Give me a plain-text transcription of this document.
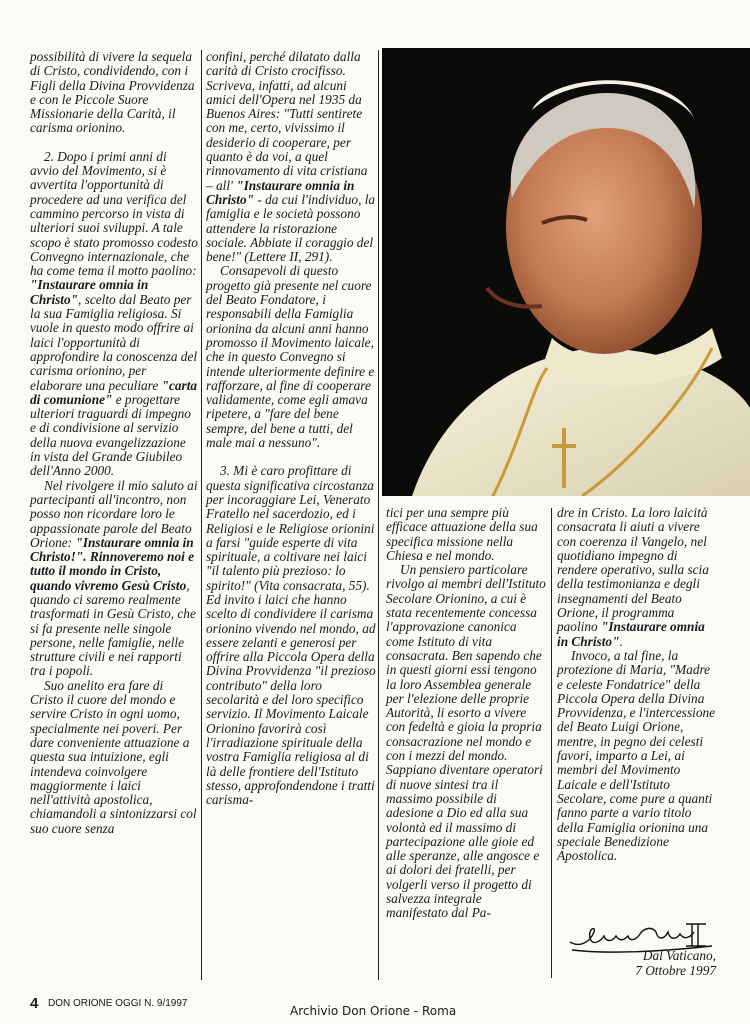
possibilità di vivere la sequela di Cristo, condividendo, con i Figli della Divina Provvidenza e con le Piccole Suore Missionarie della Carità, il carisma orionino.

2. Dopo i primi anni di avvio del Movimento, si è avvertita l'opportunità di procedere ad una verifica del cammino percorso in vista di ulteriori suoi sviluppi. A tale scopo è stato promosso codesto Convegno internazionale, che ha come tema il motto paolino: "Instaurare omnia in Christo", scelto dal Beato per la sua Famiglia religiosa. Si vuole in questo modo offrire ai laici l'opportunità di approfondire la conoscenza del carisma orionino, per elaborare una peculiare "carta di comunione" e progettare ulteriori traguardi di impegno e di condivisione al servizio della nuova evangelizzazione in vista del Grande Giubileo dell'Anno 2000.

Nel rivolgere il mio saluto ai partecipanti all'incontro, non posso non ricordare loro le appassionate parole del Beato Orione: "Instaurare omnia in Christo!". Rinnoveremo noi e tutto il mondo in Cristo, quando vivremo Gesù Cristo, quando ci saremo realmente trasformati in Gesù Cristo, che si fa presente nelle singole persone, nelle famiglie, nelle strutture civili e nei rapporti tra i popoli.

Suo anelito era fare di Cristo il cuore del mondo e servire Cristo in ogni uomo, specialmente nei poveri. Per dare conveniente attuazione a questa sua intuizione, egli intendeva coinvolgere maggiormente i laici nell'attività apostolica, chiamandoli a sintonizzarsi col suo cuore senza

confini, perché dilatato dalla carità di Cristo crocifisso. Scriveva, infatti, ad alcuni amici dell'Opera nel 1935 da Buenos Aires: "Tutti sentirete con me, certo, vivissimo il desiderio di cooperare, per quanto è da voi, a quel rinnovamento di vita cristiana – all' "Instaurare omnia in Christo" - da cui l'individuo, la famiglia e le società possono attendere la ristorazione sociale. Abbiate il coraggio del bene!" (Lettere II, 291).

Consapevoli di questo progetto già presente nel cuore del Beato Fondatore, i responsabili della Famiglia orionina da alcuni anni hanno promosso il Movimento laicale, che in questo Convegno si intende ulteriormente definire e rafforzare, al fine di cooperare validamente, come egli amava ripetere, a "fare del bene sempre, del bene a tutti, del male mai a nessuno".

3. Mi è caro profittare di questa significativa circostanza per incoraggiare Lei, Venerato Fratello nel sacerdozio, ed i Religiosi e le Religiose orionini a farsi "guide esperte di vita spirituale, a coltivare nei laici "il talento più prezioso: lo spirito!" (Vita consacrata, 55). Ed invito i laici che hanno scelto di condividere il carisma orionino vivendo nel mondo, ad essere zelanti e generosi per offrire alla Piccola Opera della Divina Provvidenza "il prezioso contributo" della loro secolarità e del loro specifico servizio. Il Movimento Laicale Orionino favorirà così l'irradiazione spirituale della vostra Famiglia religiosa al di là delle frontiere dell'Istituto stesso, approfondendone i tratti carisma-

tici per una sempre più efficace attuazione della sua specifica missione nella Chiesa e nel mondo.

Un pensiero particolare rivolgo ai membri dell'Istituto Secolare Orionino, a cui è stata recentemente concessa l'approvazione canonica come Istituto di vita consacrata. Ben sapendo che in questi giorni essi tengono la loro Assemblea generale per l'elezione delle proprie Autorità, li esorto a vivere con fedeltà e gioia la propria consacrazione nel mondo e con i mezzi del mondo. Sappiano diventare operatori di nuove sintesi tra il massimo possibile di adesione a Dio ed alla sua volontà ed il massimo di partecipazione alle gioie ed alle speranze, alle angosce e ai dolori dei fratelli, per volgerli verso il progetto di salvezza integrale manifestato dal Pa-

dre in Cristo. La loro laicità consacrata li aiuti a vivere con coerenza il Vangelo, nel quotidiano impegno di rendere operativo, sulla scia della testimonianza e degli insegnamenti del Beato Orione, il programma paolino "Instaurare omnia in Christo".

Invoco, a tal fine, la protezione di Maria, "Madre e celeste Fondatrice" della Piccola Opera della Divina Provvidenza, e l'intercessione del Beato Luigi Orione, mentre, in pegno dei celesti favori, imparto a Lei, ai membri del Movimento Laicale e dell'Istituto Secolare, come pure a quanti fanno parte a vario titolo della Famiglia orionina una speciale Benedizione Apostolica.

Dal Vaticano,
7 Ottobre 1997
4 DON ORIONE OGGI N. 9/1997
Archivio Don Orione - Roma
